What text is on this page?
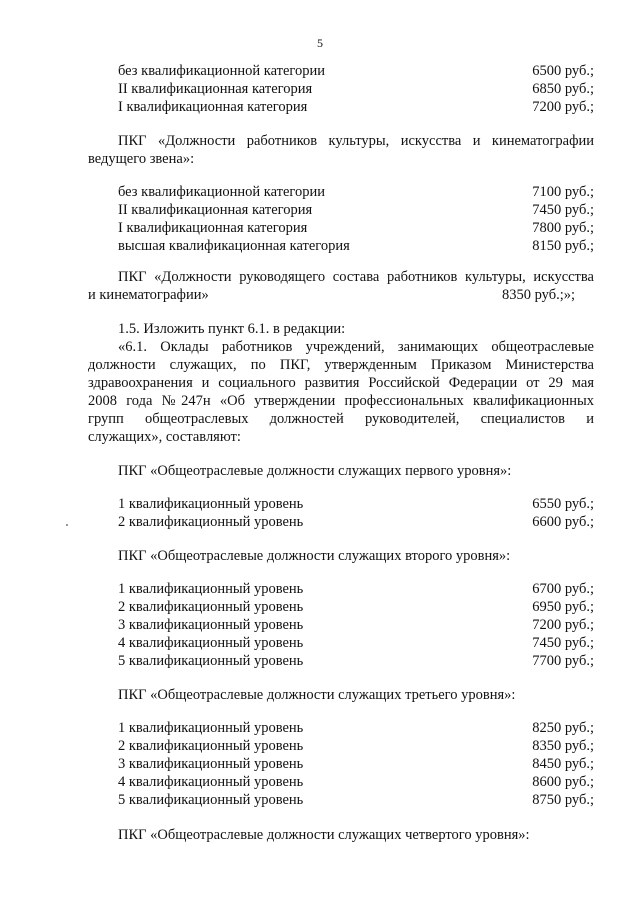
5
без квалификационной категории	6500 руб.;
II квалификационная категория	6850 руб.;
I квалификационная категория	7200 руб.;
ПКГ «Должности работников культуры, искусства и кинематографии
ведущего звена»:
без квалификационной категории	7100 руб.;
II квалификационная категория	7450 руб.;
I квалификационная категория	7800 руб.;
высшая квалификационная категория	8150 руб.;
ПКГ «Должности руководящего состава работников культуры, искусства
и кинематографии»	8350 руб.;»;
1.5. Изложить пункт 6.1. в редакции:
«6.1. Оклады работников учреждений, занимающих общеотраслевые
должности служащих, по ПКГ, утвержденным Приказом Министерства
здравоохранения и социального развития Российской Федерации от 29 мая
2008 года №247н «Об утверждении профессиональных квалификационных
групп общеотраслевых должностей руководителей, специалистов и
служащих», составляют:
ПКГ «Общеотраслевые должности служащих первого уровня»:
1 квалификационный уровень	6550 руб.;
2 квалификационный уровень	6600 руб.;
ПКГ «Общеотраслевые должности служащих второго уровня»:
1 квалификационный уровень	6700 руб.;
2 квалификационный уровень	6950 руб.;
3 квалификационный уровень	7200 руб.;
4 квалификационный уровень	7450 руб.;
5 квалификационный уровень	7700 руб.;
ПКГ «Общеотраслевые должности служащих третьего уровня»:
1 квалификационный уровень	8250 руб.;
2 квалификационный уровень	8350 руб.;
3 квалификационный уровень	8450 руб.;
4 квалификационный уровень	8600 руб.;
5 квалификационный уровень	8750 руб.;
ПКГ «Общеотраслевые должности служащих четвертого уровня»:
